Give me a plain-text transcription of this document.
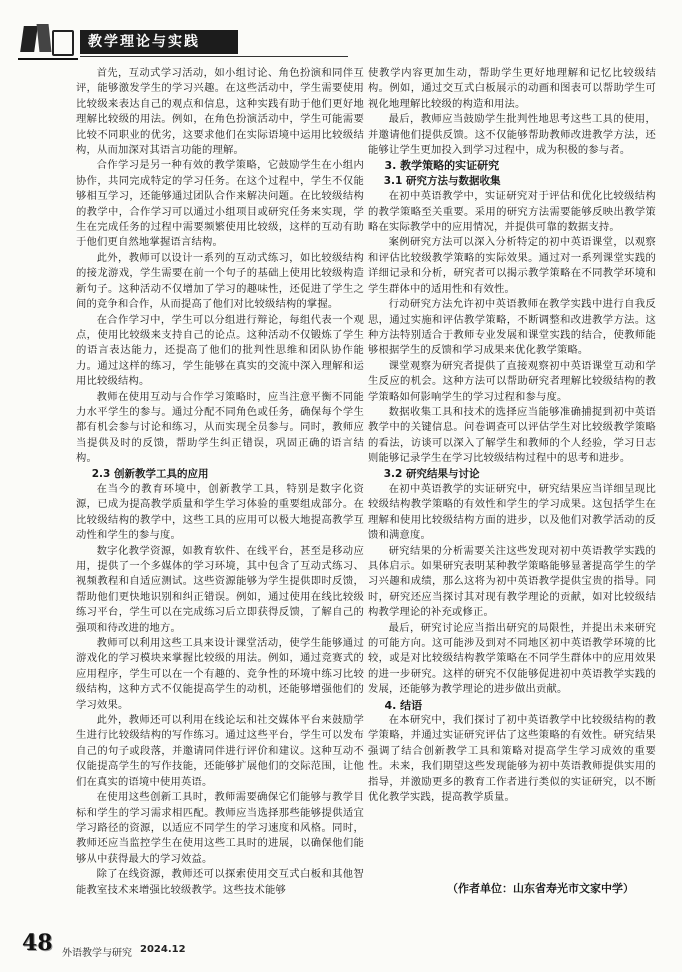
教学理论与实践

首先，互动式学习活动，如小组讨论、角色扮演和同伴互评，能够激发学生的学习兴趣。在这些活动中，学生需要使用比较级来表达自己的观点和信息，这种实践有助于他们更好地理解比较级的用法。例如，在角色扮演活动中，学生可能需要比较不同职业的优劣，这要求他们在实际语境中运用比较级结构，从而加深对其语言功能的理解。

合作学习是另一种有效的教学策略，它鼓励学生在小组内协作，共同完成特定的学习任务。在这个过程中，学生不仅能够相互学习，还能够通过团队合作来解决问题。在比较级结构的教学中，合作学习可以通过小组项目或研究任务来实现，学生在完成任务的过程中需要频繁使用比较级，这样的互动有助于他们更自然地掌握语言结构。

此外，教师可以设计一系列的互动式练习，如比较级结构的接龙游戏，学生需要在前一个句子的基础上使用比较级构造新句子。这种活动不仅增加了学习的趣味性，还促进了学生之间的竞争和合作，从而提高了他们对比较级结构的掌握。

在合作学习中，学生可以分组进行辩论，每组代表一个观点，使用比较级来支持自己的论点。这种活动不仅锻炼了学生的语言表达能力，还提高了他们的批判性思维和团队协作能力。通过这样的练习，学生能够在真实的交流中深入理解和运用比较级结构。

教师在使用互动与合作学习策略时，应当注意平衡不同能力水平学生的参与。通过分配不同角色或任务，确保每个学生都有机会参与讨论和练习，从而实现全员参与。同时，教师应当提供及时的反馈，帮助学生纠正错误，巩固正确的语言结构。

2.3 创新教学工具的应用

在当今的教育环境中，创新教学工具，特别是数字化资源，已成为提高教学质量和学生学习体验的重要组成部分。在比较级结构的教学中，这些工具的应用可以极大地提高教学互动性和学生的参与度。

数字化教学资源，如教育软件、在线平台，甚至是移动应用，提供了一个多媒体的学习环境，其中包含了互动式练习、视频教程和自适应测试。这些资源能够为学生提供即时反馈，帮助他们更快地识别和纠正错误。例如，通过使用在线比较级练习平台，学生可以在完成练习后立即获得反馈，了解自己的强项和待改进的地方。

教师可以利用这些工具来设计课堂活动，使学生能够通过游戏化的学习模块来掌握比较级的用法。例如，通过竞赛式的应用程序，学生可以在一个有趣的、竞争性的环境中练习比较级结构，这种方式不仅能提高学生的动机，还能够增强他们的学习效果。

此外，教师还可以利用在线论坛和社交媒体平台来鼓励学生进行比较级结构的写作练习。通过这些平台，学生可以发布自己的句子或段落，并邀请同伴进行评价和建议。这种互动不仅能提高学生的写作技能，还能够扩展他们的交际范围，让他们在真实的语境中使用英语。

在使用这些创新工具时，教师需要确保它们能够与教学目标和学生的学习需求相匹配。教师应当选择那些能够提供适宜学习路径的资源，以适应不同学生的学习速度和风格。同时，教师还应当监控学生在使用这些工具时的进展，以确保他们能够从中获得最大的学习效益。

除了在线资源，教师还可以探索使用交互式白板和其他智能教室技术来增强比较级教学。这些技术能够

使教学内容更加生动，帮助学生更好地理解和记忆比较级结构。例如，通过交互式白板展示的动画和图表可以帮助学生可视化地理解比较级的构造和用法。

最后，教师应当鼓励学生批判性地思考这些工具的使用，并邀请他们提供反馈。这不仅能够帮助教师改进教学方法，还能够让学生更加投入到学习过程中，成为积极的参与者。

3. 教学策略的实证研究
3.1 研究方法与数据收集

在初中英语教学中，实证研究对于评估和优化比较级结构的教学策略至关重要。采用的研究方法需要能够反映出教学策略在实际教学中的应用情况，并提供可靠的数据支持。

案例研究方法可以深入分析特定的初中英语课堂，以观察和评估比较级教学策略的实际效果。通过对一系列课堂实践的详细记录和分析，研究者可以揭示教学策略在不同教学环境和学生群体中的适用性和有效性。

行动研究方法允许初中英语教师在教学实践中进行自我反思，通过实施和评估教学策略，不断调整和改进教学方法。这种方法特别适合于教师专业发展和课堂实践的结合，使教师能够根据学生的反馈和学习成果来优化教学策略。

课堂观察为研究者提供了直接观察初中英语课堂互动和学生反应的机会。这种方法可以帮助研究者理解比较级结构的教学策略如何影响学生的学习过程和参与度。

数据收集工具和技术的选择应当能够准确捕捉到初中英语教学中的关键信息。问卷调查可以评估学生对比较级教学策略的看法，访谈可以深入了解学生和教师的个人经验，学习日志则能够记录学生在学习比较级结构过程中的思考和进步。

3.2 研究结果与讨论

在初中英语教学的实证研究中，研究结果应当详细呈现比较级结构教学策略的有效性和学生的学习成果。这包括学生在理解和使用比较级结构方面的进步，以及他们对教学活动的反馈和满意度。

研究结果的分析需要关注这些发现对初中英语教学实践的具体启示。如果研究表明某种教学策略能够显著提高学生的学习兴趣和成绩，那么这将为初中英语教学提供宝贵的指导。同时，研究还应当探讨其对现有教学理论的贡献，如对比较级结构教学理论的补充或修正。

最后，研究讨论应当指出研究的局限性，并提出未来研究的可能方向。这可能涉及到对不同地区初中英语教学环境的比较，或是对比较级结构教学策略在不同学生群体中的应用效果的进一步研究。这样的研究不仅能够促进初中英语教学实践的发展，还能够为教学理论的进步做出贡献。

4. 结语

在本研究中，我们探讨了初中英语教学中比较级结构的教学策略，并通过实证研究评估了这些策略的有效性。研究结果强调了结合创新教学工具和策略对提高学生学习成效的重要性。未来，我们期望这些发现能够为初中英语教师提供实用的指导，并激励更多的教育工作者进行类似的实证研究，以不断优化教学实践，提高教学质量。

（作者单位：山东省寿光市文家中学）
48 外语教学与研究 2024.12
